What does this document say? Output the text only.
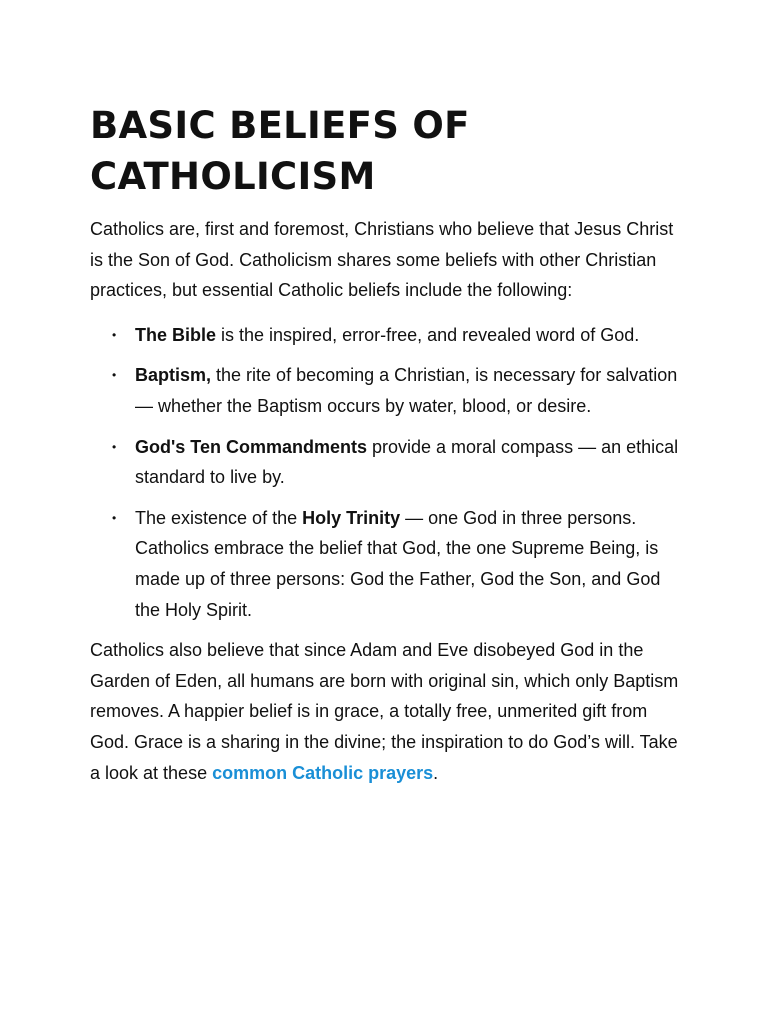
BASIC BELIEFS OF
CATHOLICISM

Catholics are, first and foremost, Christians who believe that Jesus Christ is the Son of God. Catholicism shares some beliefs with other Christian practices, but essential Catholic beliefs include the following:

• The Bible is the inspired, error-free, and revealed word of God.
• Baptism, the rite of becoming a Christian, is necessary for salvation — whether the Baptism occurs by water, blood, or desire.
• God's Ten Commandments provide a moral compass — an ethical standard to live by.
• The existence of the Holy Trinity — one God in three persons. Catholics embrace the belief that God, the one Supreme Being, is made up of three persons: God the Father, God the Son, and God the Holy Spirit.

Catholics also believe that since Adam and Eve disobeyed God in the Garden of Eden, all humans are born with original sin, which only Baptism removes. A happier belief is in grace, a totally free, unmerited gift from God. Grace is a sharing in the divine; the inspiration to do God’s will. Take a look at these common Catholic prayers.
